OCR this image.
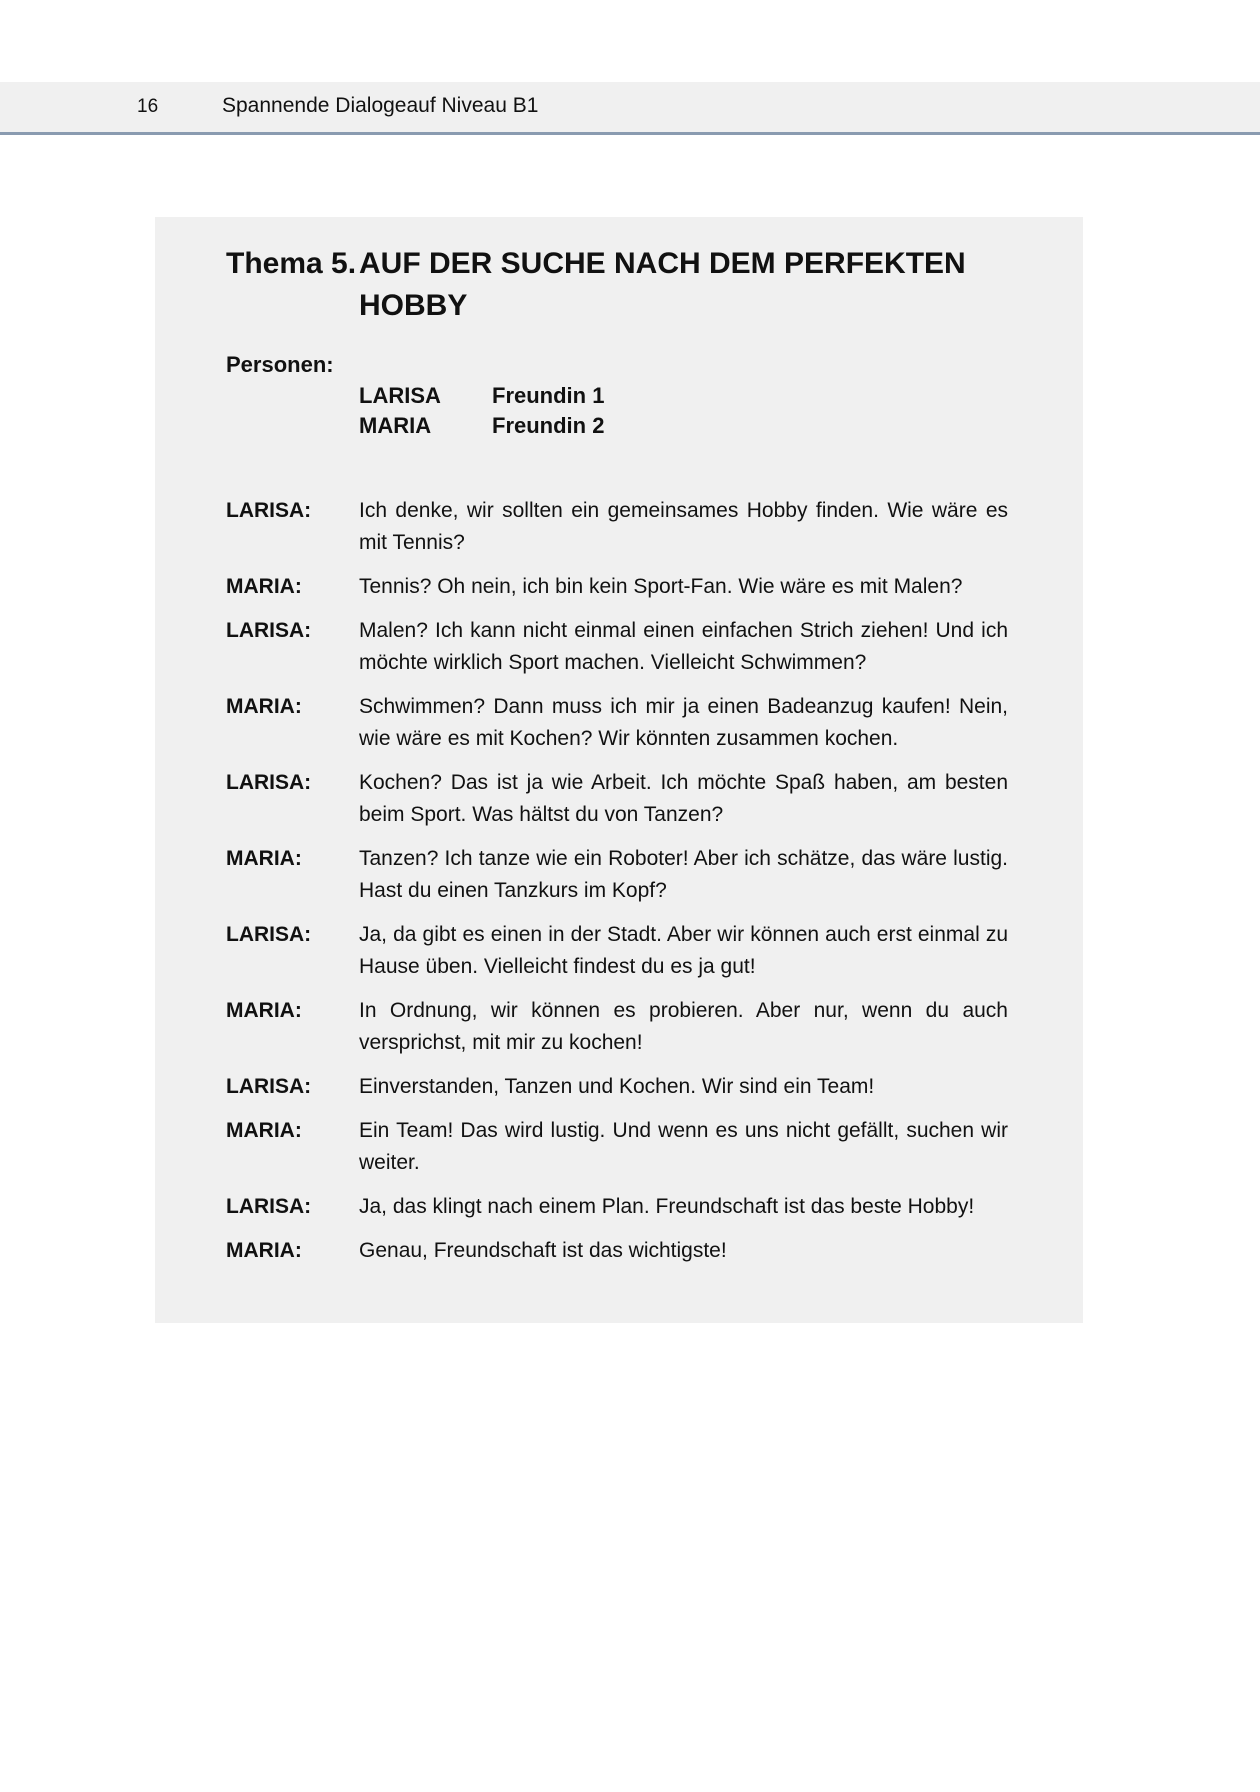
16	Spannende Dialogeauf Niveau B1
Thema 5. AUF DER SUCHE NACH DEM PERFEKTEN HOBBY
Personen:
LARISA	Freundin 1
MARIA	Freundin 2
LARISA:	Ich denke, wir sollten ein gemeinsames Hobby finden. Wie wäre es mit Tennis?
MARIA:	Tennis? Oh nein, ich bin kein Sport-Fan. Wie wäre es mit Malen?
LARISA:	Malen? Ich kann nicht einmal einen einfachen Strich ziehen! Und ich möchte wirklich Sport machen. Vielleicht Schwimmen?
MARIA:	Schwimmen? Dann muss ich mir ja einen Badeanzug kaufen! Nein, wie wäre es mit Kochen? Wir könnten zusammen kochen.
LARISA:	Kochen? Das ist ja wie Arbeit. Ich möchte Spaß haben, am besten beim Sport. Was hältst du von Tanzen?
MARIA:	Tanzen? Ich tanze wie ein Roboter! Aber ich schätze, das wäre lustig. Hast du einen Tanzkurs im Kopf?
LARISA:	Ja, da gibt es einen in der Stadt. Aber wir können auch erst einmal zu Hause üben. Vielleicht findest du es ja gut!
MARIA:	In Ordnung, wir können es probieren. Aber nur, wenn du auch versprichst, mit mir zu kochen!
LARISA:	Einverstanden, Tanzen und Kochen. Wir sind ein Team!
MARIA:	Ein Team! Das wird lustig. Und wenn es uns nicht gefällt, suchen wir weiter.
LARISA:	Ja, das klingt nach einem Plan. Freundschaft ist das beste Hobby!
MARIA:	Genau, Freundschaft ist das wichtigste!
